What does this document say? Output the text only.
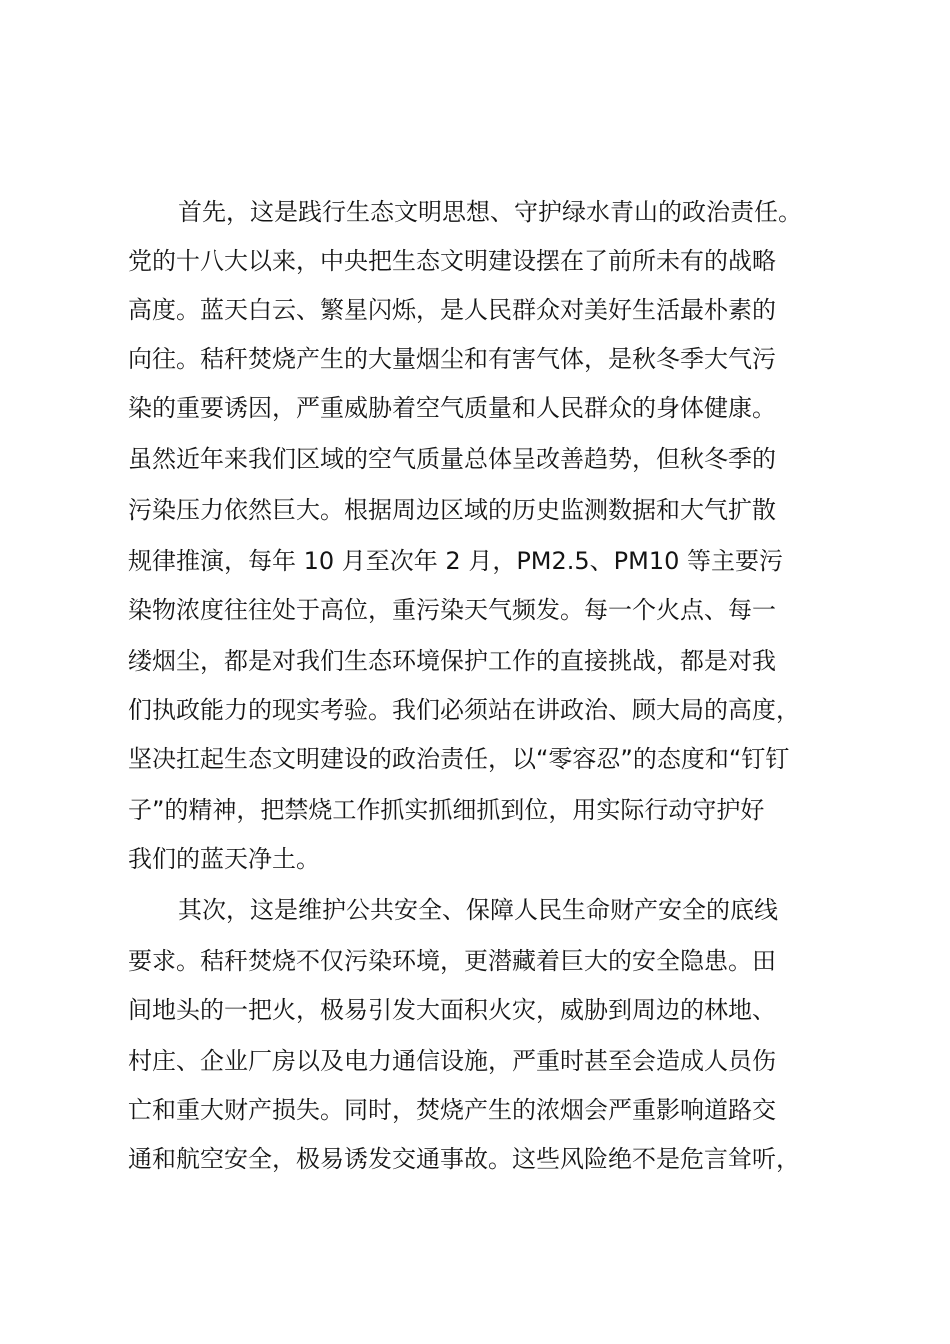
首先，这是践行生态文明思想、守护绿水青山的政治责任。
党的十八大以来，中央把生态文明建设摆在了前所未有的战略
高度。蓝天白云、繁星闪烁，是人民群众对美好生活最朴素的
向往。秸秆焚烧产生的大量烟尘和有害气体，是秋冬季大气污
染的重要诱因，严重威胁着空气质量和人民群众的身体健康。
虽然近年来我们区域的空气质量总体呈改善趋势，但秋冬季的
污染压力依然巨大。根据周边区域的历史监测数据和大气扩散
规律推演，每年 10 月至次年 2 月，PM2.5、PM10 等主要污
染物浓度往往处于高位，重污染天气频发。每一个火点、每一
缕烟尘，都是对我们生态环境保护工作的直接挑战，都是对我
们执政能力的现实考验。我们必须站在讲政治、顾大局的高度，
坚决扛起生态文明建设的政治责任，以“零容忍”的态度和“钉钉
子”的精神，把禁烧工作抓实抓细抓到位，用实际行动守护好
我们的蓝天净土。
其次，这是维护公共安全、保障人民生命财产安全的底线
要求。秸秆焚烧不仅污染环境，更潜藏着巨大的安全隐患。田
间地头的一把火，极易引发大面积火灾，威胁到周边的林地、
村庄、企业厂房以及电力通信设施，严重时甚至会造成人员伤
亡和重大财产损失。同时，焚烧产生的浓烟会严重影响道路交
通和航空安全，极易诱发交通事故。这些风险绝不是危言耸听，
